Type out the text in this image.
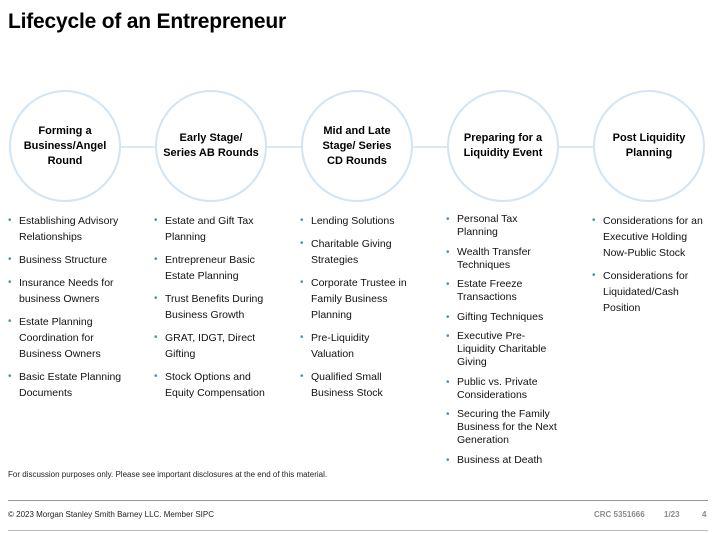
Lifecycle of an Entrepreneur
Forming a
Business/Angel
Round
Early Stage/
Series AB Rounds
Mid and Late
Stage/ Series
CD Rounds
Preparing for a
Liquidity Event
Post Liquidity
Planning
• Establishing Advisory
Relationships
• Business Structure
• Insurance Needs for
business Owners
• Estate Planning
Coordination for
Business Owners
• Basic Estate Planning
Documents
• Estate and Gift Tax
Planning
• Entrepreneur Basic
Estate Planning
• Trust Benefits During
Business Growth
• GRAT, IDGT, Direct
Gifting
• Stock Options and
Equity Compensation
• Lending Solutions
• Charitable Giving
Strategies
• Corporate Trustee in
Family Business
Planning
• Pre-Liquidity
Valuation
• Qualified Small
Business Stock
• Personal Tax
Planning
• Wealth Transfer
Techniques
• Estate Freeze
Transactions
• Gifting Techniques
• Executive Pre-
Liquidity Charitable
Giving
• Public vs. Private
Considerations
• Securing the Family
Business for the Next
Generation
• Business at Death
• Considerations for an
Executive Holding
Now-Public Stock
• Considerations for
Liquidated/Cash
Position
For discussion purposes only. Please see important disclosures at the end of this material.
© 2023 Morgan Stanley Smith Barney LLC. Member SIPC	CRC 5351666 1/23	4
